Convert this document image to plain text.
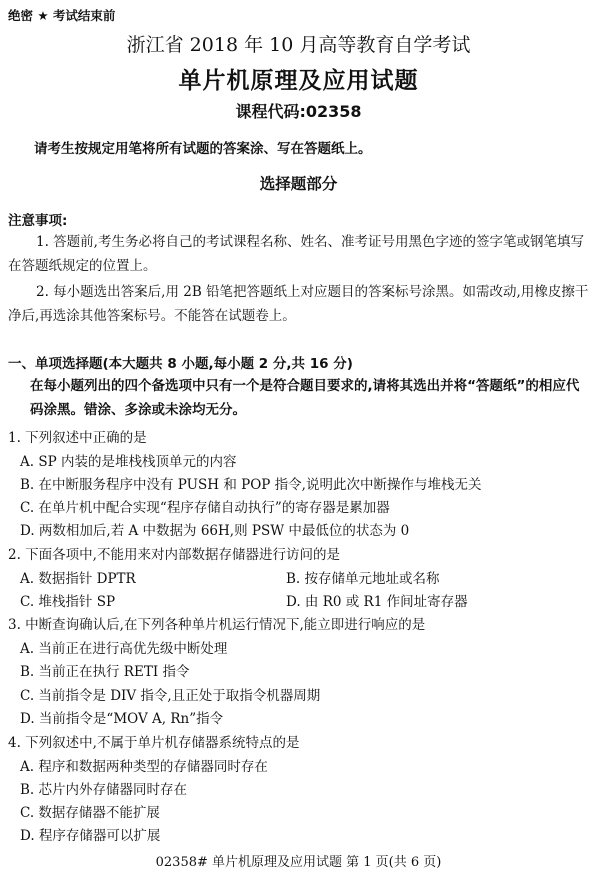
绝密 ★ 考试结束前
浙江省 2018 年 10 月高等教育自学考试
单片机原理及应用试题
课程代码:02358
请考生按规定用笔将所有试题的答案涂、写在答题纸上。
选择题部分
注意事项:
1. 答题前,考生务必将自己的考试课程名称、姓名、准考证号用黑色字迹的签字笔或钢笔填写在答题纸规定的位置上。
2. 每小题选出答案后,用 2B 铅笔把答题纸上对应题目的答案标号涂黑。如需改动,用橡皮擦干净后,再选涂其他答案标号。不能答在试题卷上。
一、单项选择题(本大题共 8 小题,每小题 2 分,共 16 分)
在每小题列出的四个备选项中只有一个是符合题目要求的,请将其选出并将“答题纸”的相应代码涂黑。错涂、多涂或未涂均无分。
1. 下列叙述中正确的是
A. SP 内装的是堆栈栈顶单元的内容
B. 在中断服务程序中没有 PUSH 和 POP 指令,说明此次中断操作与堆栈无关
C. 在单片机中配合实现“程序存储自动执行”的寄存器是累加器
D. 两数相加后,若 A 中数据为 66H,则 PSW 中最低位的状态为 0
2. 下面各项中,不能用来对内部数据存储器进行访问的是
A. 数据指针 DPTR	B. 按存储单元地址或名称
C. 堆栈指针 SP	D. 由 R0 或 R1 作间址寄存器
3. 中断查询确认后,在下列各种单片机运行情况下,能立即进行响应的是
A. 当前正在进行高优先级中断处理
B. 当前正在执行 RETI 指令
C. 当前指令是 DIV 指令,且正处于取指令机器周期
D. 当前指令是“MOV A, Rn”指令
4. 下列叙述中,不属于单片机存储器系统特点的是
A. 程序和数据两种类型的存储器同时存在
B. 芯片内外存储器同时存在
C. 数据存储器不能扩展
D. 程序存储器可以扩展
02358# 单片机原理及应用试题 第 1 页(共 6 页)
